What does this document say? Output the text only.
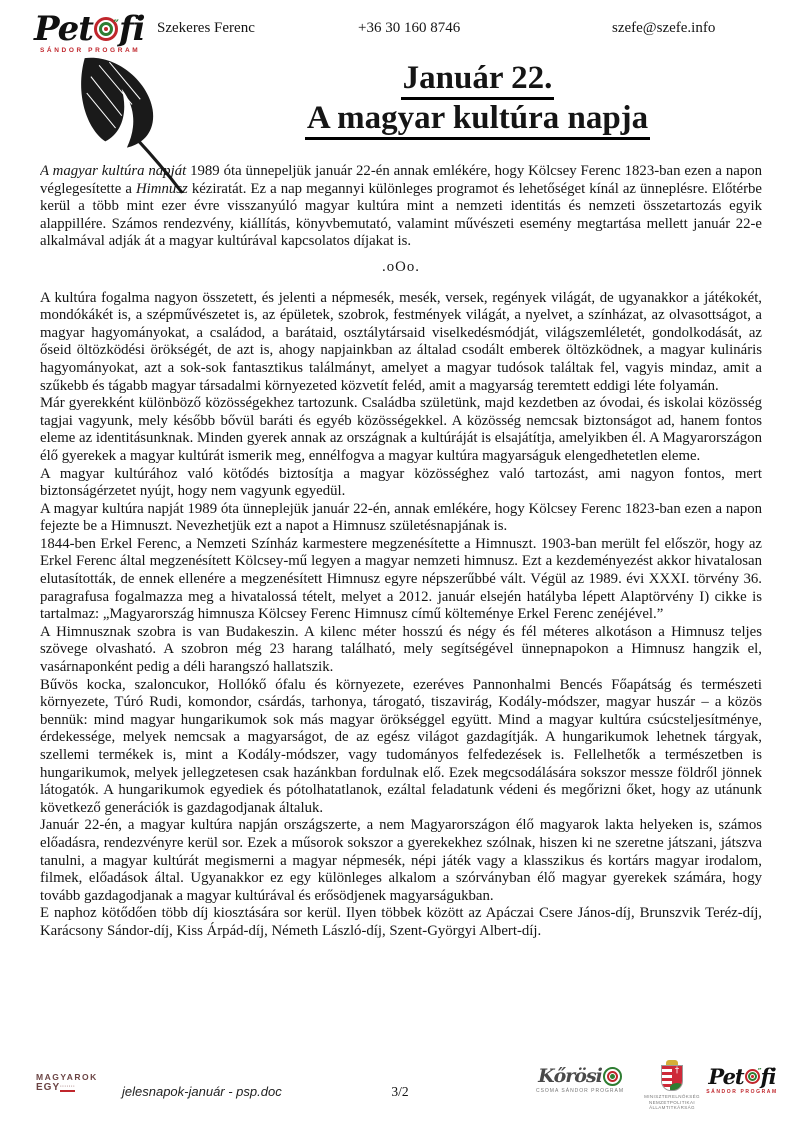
Pet ″ fi
SÁNDOR PROGRAM
Szekeres Ferenc	+36 30 160 8746	szefe@szefe.info
Január 22.
A magyar kultúra napja

A magyar kultúra napját 1989 óta ünnepeljük január 22-én annak emlékére, hogy Kölcsey Ferenc 1823-ban ezen a napon véglegesítette a Himnusz kéziratát. Ez a nap megannyi különleges programot és lehetőséget kínál az ünneplésre. Előtérbe kerül a több mint ezer évre visszanyúló magyar kultúra mint a nemzeti identitás és nemzeti összetartozás egyik alappillére. Számos rendezvény, kiállítás, könyvbemutató, valamint művészeti esemény megtartása mellett január 22-e alkalmával adják át a magyar kultúrával kapcsolatos díjakat is.

.oOo.

A kultúra fogalma nagyon összetett, és jelenti a népmesék, mesék, versek, regények világát, de ugyanakkor a játékokét, mondókákét is, a szépművészetet is, az épületek, szobrok, festmények világát, a nyelvet, a színházat, az olvasottságot, a magyar hagyományokat, a családod, a barátaid, osztálytársaid viselkedésmódját, világszemléletét, gondolkodását, az őseid öltözködési örökségét, de azt is, ahogy napjainkban az általad csodált emberek öltözködnek, a magyar kulináris hagyományokat, azt a sok-sok fantasztikus találmányt, amelyet a magyar tudósok találtak fel, vagyis mindaz, amit a szűkebb és tágabb magyar társadalmi környezeted közvetít feléd, amit a magyarság teremtett eddigi léte folyamán.

Már gyerekként különböző közösségekhez tartozunk. Családba születünk, majd kezdetben az óvodai, és iskolai közösség tagjai vagyunk, mely később bővül baráti és egyéb közösségekkel. A közösség nemcsak biztonságot ad, hanem fontos eleme az identitásunknak. Minden gyerek annak az országnak a kultúráját is elsajátítja, amelyikben él. A Magyarországon élő gyerekek a magyar kultúrát ismerik meg, ennélfogva a magyar kultúra magyarságuk elengedhetetlen eleme.

A magyar kultúrához való kötődés biztosítja a magyar közösséghez való tartozást, ami nagyon fontos, mert biztonságérzetet nyújt, hogy nem vagyunk egyedül.

A magyar kultúra napját 1989 óta ünneplejük január 22-én, annak emlékére, hogy Kölcsey Ferenc 1823-ban ezen a napon fejezte be a Himnuszt. Nevezhetjük ezt a napot a Himnusz születésnapjának is.

1844-ben Erkel Ferenc, a Nemzeti Színház karmestere megzenésítette a Himnuszt. 1903-ban merült fel először, hogy az Erkel Ferenc által megzenésített Kölcsey-mű legyen a magyar nemzeti himnusz. Ezt a kezdeményezést akkor hivatalosan elutasították, de ennek ellenére a megzenésített Himnusz egyre népszerűbbé vált. Végül az 1989. évi XXXI. törvény 36. paragrafusa fogalmazza meg a hivatalossá tételt, melyet a 2012. január elsején hatályba lépett Alaptörvény I) cikke is tartalmaz: „Magyarország himnusza Kölcsey Ferenc Himnusz című költeménye Erkel Ferenc zenéjével.”

A Himnusznak szobra is van Budakeszin. A kilenc méter hosszú és négy és fél méteres alkotáson a Himnusz teljes szövege olvasható. A szobron még 23 harang található, mely segítségével ünnepnapokon a Himnusz hangzik el, vasárnaponként pedig a déli harangszó hallatszik.

Bűvös kocka, szaloncukor, Hollókő ófalu és környezete, ezeréves Pannonhalmi Bencés Főapátság és természeti környezete, Túró Rudi, komondor, csárdás, tarhonya, tárogató, tiszavirág, Kodály-módszer, magyar huszár – a közös bennük: mind magyar hungarikumok sok más magyar örökséggel együtt. Mind a magyar kultúra csúcsteljesítménye, érdekessége, melyek nemcsak a magyarságot, de az egész világot gazdagítják. A hungarikumok lehetnek tárgyak, szellemi termékek is, mint a Kodály-módszer, vagy tudományos felfedezések is. Fellelhetők a természetben is hungarikumok, melyek jellegzetesen csak hazánkban fordulnak elő. Ezek megcsodálására sokszor messze földről jönnek látogatók. A hungarikumok egyediek és pótolhatatlanok, ezáltal feladatunk védeni és megőrizni őket, hogy az utánunk következő generációk is gazdagodjanak általuk.

Január 22-én, a magyar kultúra napján országszerte, a nem Magyarországon élő magyarok lakta helyeken is, számos előadásra, rendezvényre kerül sor. Ezek a műsorok sokszor a gyerekekhez szólnak, hiszen ki ne szeretne játszani, játszva tanulni, a magyar kultúrát megismerni a magyar népmesék, népi játék vagy a klasszikus és kortárs magyar irodalom, filmek, előadások által. Ugyanakkor ez egy különleges alkalom a szórványban élő magyar gyerekek számára, hogy tovább gazdagodjanak a magyar kultúrával és erősödjenek magyarságukban.

E naphoz kötődően több díj kiosztására sor kerül. Ilyen többek között az Apáczai Csere János-díj, Brunszvik Teréz-díj, Karácsony Sándor-díj, Kiss Árpád-díj, Németh László-díj, Szent-Györgyi Albert-díj.

MAGYAROK
EGY·······	jelesnapok-január - psp.doc	3/2
Kőrösi
CSOMA SÁNDOR PROGRAM
†
MINISZTERELNÖKSÉG
NEMZETPOLITIKAI ÁLLAMTITKÁRSÁG
Pet ″ fi
SÁNDOR PROGRAM
